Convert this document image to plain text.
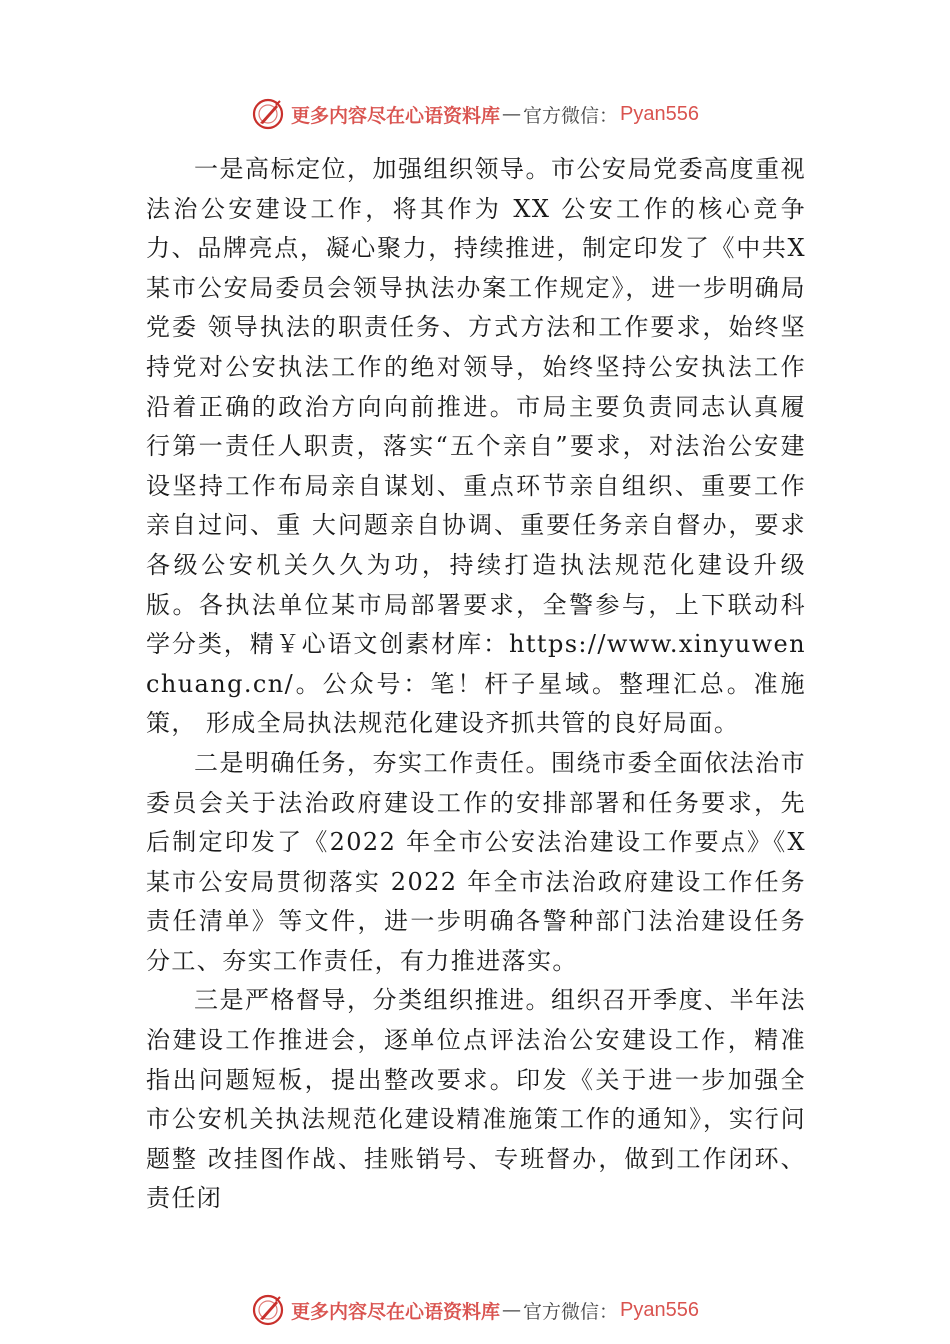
更多内容尽在心语资料库 — 官方微信： Pyan556

一是高标定位，加强组织领导。市公安局党委高度重视法治公安建设工作，将其作为 XX 公安工作的核心竞争力、品牌亮点，凝心聚力，持续推进，制定印发了《中共X某市公安局委员会领导执法办案工作规定》，进一步明确局党委 领导执法的职责任务、方式方法和工作要求，始终坚持党对公安执法工作的绝对领导，始终坚持公安执法工作沿着正确的政治方向向前推进。市局主要负责同志认真履行第一责任人职责，落实“五个亲自”要求，对法治公安建设坚持工作布局亲自谋划、重点环节亲自组织、重要工作亲自过问、重 大问题亲自协调、重要任务亲自督办，要求各级公安机关久久为功，持续打造执法规范化建设升级版。各执法单位某市局部署要求，全警参与，上下联动科学分类，精￥心语文创素材库：https://www.xinyuwenchuang.cn/。公众号：笔！杆子星域。整理汇总。准施策， 形成全局执法规范化建设齐抓共管的良好局面。

二是明确任务，夯实工作责任。围绕市委全面依法治市委员会关于法治政府建设工作的安排部署和任务要求，先后制定印发了《2022 年全市公安法治建设工作要点》《X某市公安局贯彻落实 2022 年全市法治政府建设工作任务责任清单》等文件，进一步明确各警种部门法治建设任务分工、夯实工作责任，有力推进落实。

三是严格督导，分类组织推进。组织召开季度、半年法治建设工作推进会，逐单位点评法治公安建设工作，精准指出问题短板，提出整改要求。印发《关于进一步加强全市公安机关执法规范化建设精准施策工作的通知》，实行问题整 改挂图作战、挂账销号、专班督办，做到工作闭环、责任闭

更多内容尽在心语资料库 — 官方微信： Pyan556
